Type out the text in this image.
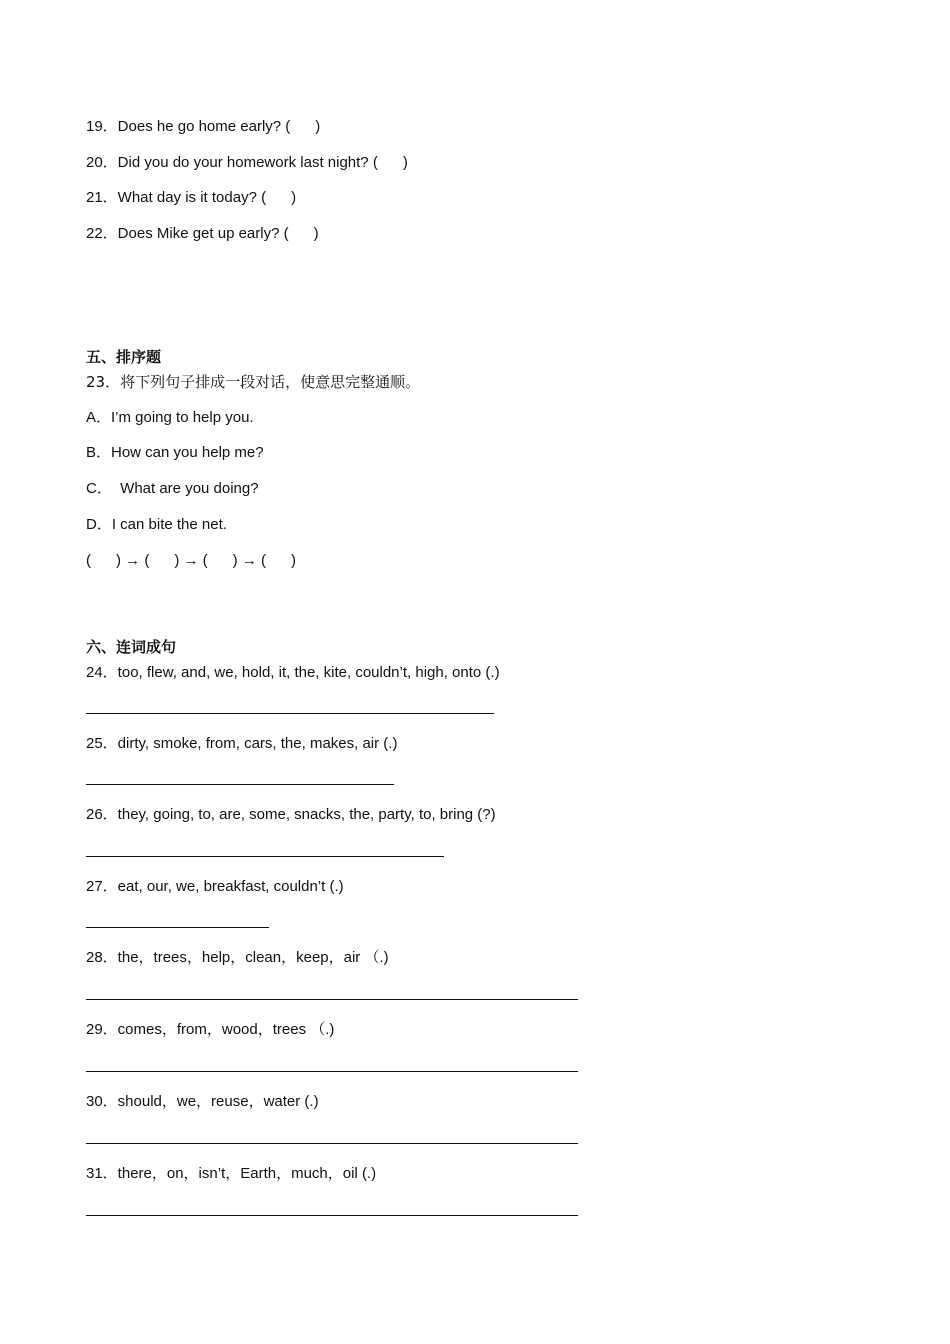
19．Does he go home early? (      )
20．Did you do your homework last night? (      )
21．What day is it today? (      )
22．Does Mike get up early? (      )
五、排序题
23．将下列句子排成一段对话，使意思完整通顺。
A．I’m going to help you.
B．How can you help me?
C．  What are you doing?
D．I can bite the net.
(      ) → (      ) → (      ) → (      )
六、连词成句
24．too, flew, and, we, hold, it, the, kite, couldn’t, high, onto (.)
25．dirty, smoke, from, cars, the, makes, air (.)
26．they, going, to, are, some, snacks, the, party, to, bring (?)
27．eat, our, we, breakfast, couldn’t (.)
28．the，trees，help，clean，keep，air （.)
29．comes，from，wood，trees （.)
30．should，we，reuse，water (.)
31．there，on，isn’t，Earth，much，oil (.)
